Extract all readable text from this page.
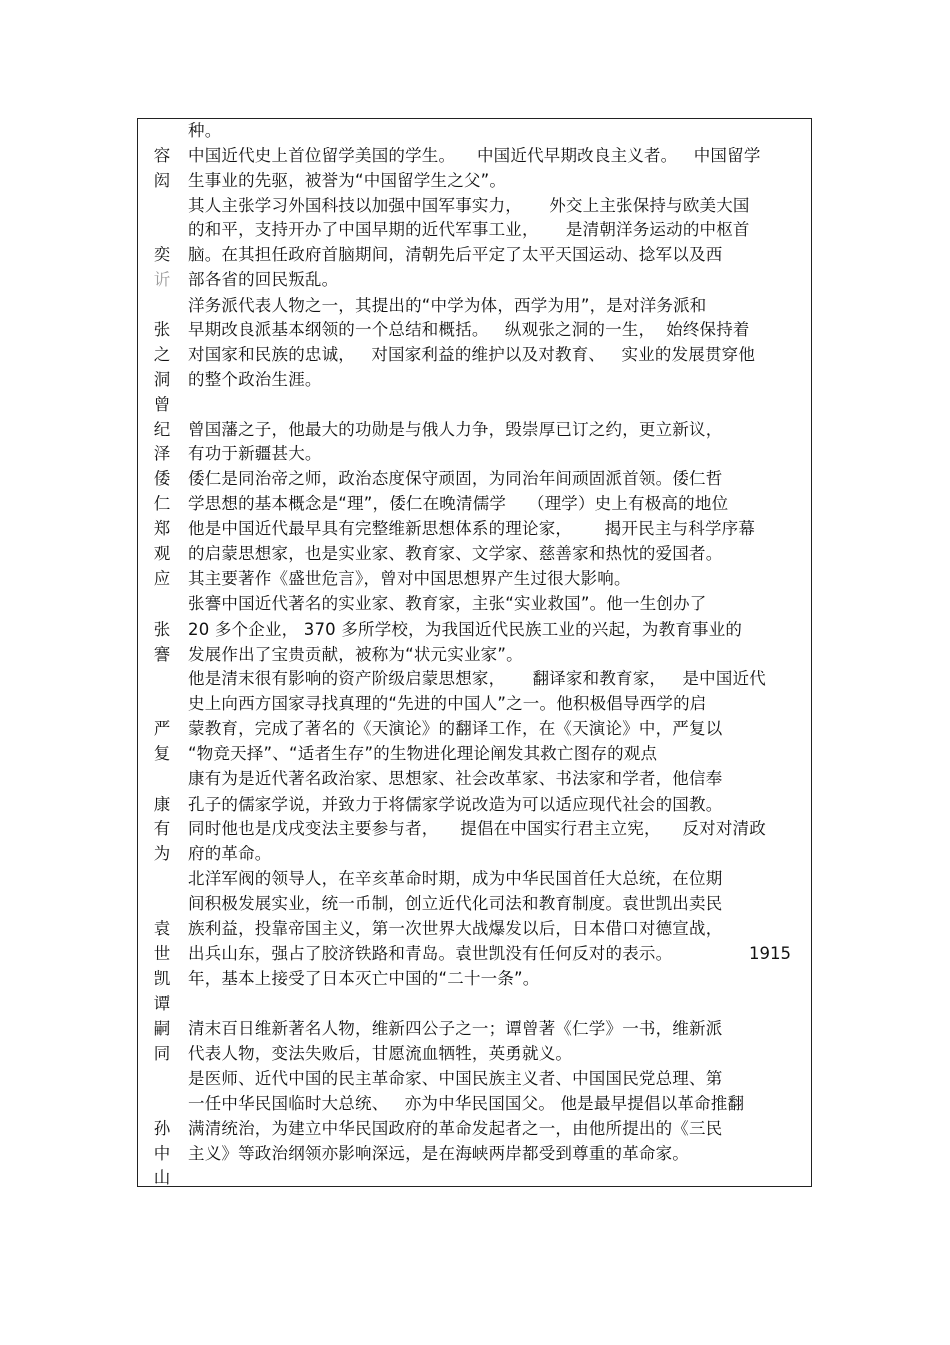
种。
容
闳
中国近代史上首位留学美国的学生。    中国近代早期改良主义者。   中国留学
生事业的先驱，被誉为“中国留学生之父”。
其人主张学习外国科技以加强中国军事实力，     外交上主张保持与欧美大国
的和平，支持开办了中国早期的近代军事工业，     是清朝洋务运动的中枢首
奕 脑。在其担任政府首脑期间，清朝先后平定了太平天国运动、捻军以及西
䜣 部各省的回民叛乱。
洋务派代表人物之一，其提出的“中学为体，西学为用”，是对洋务派和
张 早期改良派基本纲领的一个总结和概括。   纵观张之洞的一生，  始终保持着
之 对国家和民族的忠诚，   对国家利益的维护以及对教育、   实业的发展贯穿他
洞 的整个政治生涯。
曾
纪 曾国藩之子，他最大的功勋是与俄人力争，毁崇厚已订之约，更立新议，
泽 有功于新疆甚大。
倭 倭仁是同治帝之师，政治态度保守顽固，为同治年间顽固派首领。倭仁哲
仁 学思想的基本概念是“理”，倭仁在晚清儒学    （理学）史上有极高的地位
郑 他是中国近代最早具有完整维新思想体系的理论家，      揭开民主与科学序幕
观 的启蒙思想家，也是实业家、教育家、文学家、慈善家和热忱的爱国者。
应 其主要著作《盛世危言》，曾对中国思想界产生过很大影响。
张謇中国近代著名的实业家、教育家，主张“实业救国”。他一生创办了
张 20 多个企业， 370 多所学校，为我国近代民族工业的兴起，为教育事业的
謇 发展作出了宝贵贡献，被称为“状元实业家”。
他是清末很有影响的资产阶级启蒙思想家，     翻译家和教育家，   是中国近代
史上向西方国家寻找真理的“先进的中国人”之一。他积极倡导西学的启
严 蒙教育，完成了著名的《天演论》的翻译工作，在《天演论》中，严复以
复 “物竞天择”、“适者生存”的生物进化理论阐发其救亡图存的观点
康有为是近代著名政治家、思想家、社会改革家、书法家和学者，他信奉
康 孔子的儒家学说，并致力于将儒家学说改造为可以适应现代社会的国教。
有 同时他也是戊戌变法主要参与者，    提倡在中国实行君主立宪，    反对对清政
为 府的革命。
北洋军阀的领导人，在辛亥革命时期，成为中华民国首任大总统，在位期
间积极发展实业，统一币制，创立近代化司法和教育制度。袁世凯出卖民
袁 族利益，投靠帝国主义，第一次世界大战爆发以后，日本借口对德宣战，
世 出兵山东，强占了胶济铁路和青岛。袁世凯没有任何反对的表示。	1915
凯 年，基本上接受了日本灭亡中国的“二十一条”。
谭
嗣 清末百日维新著名人物，维新四公子之一；谭曾著《仁学》一书，维新派
同 代表人物，变法失败后，甘愿流血牺牲，英勇就义。
是医师、近代中国的民主革命家、中国民族主义者、中国国民党总理、第
一任中华民国临时大总统、   亦为中华民国国父。 他是最早提倡以革命推翻
孙 满清统治，为建立中华民国政府的革命发起者之一，由他所提出的《三民
中 主义》等政治纲领亦影响深远，是在海峡两岸都受到尊重的革命家。
山
